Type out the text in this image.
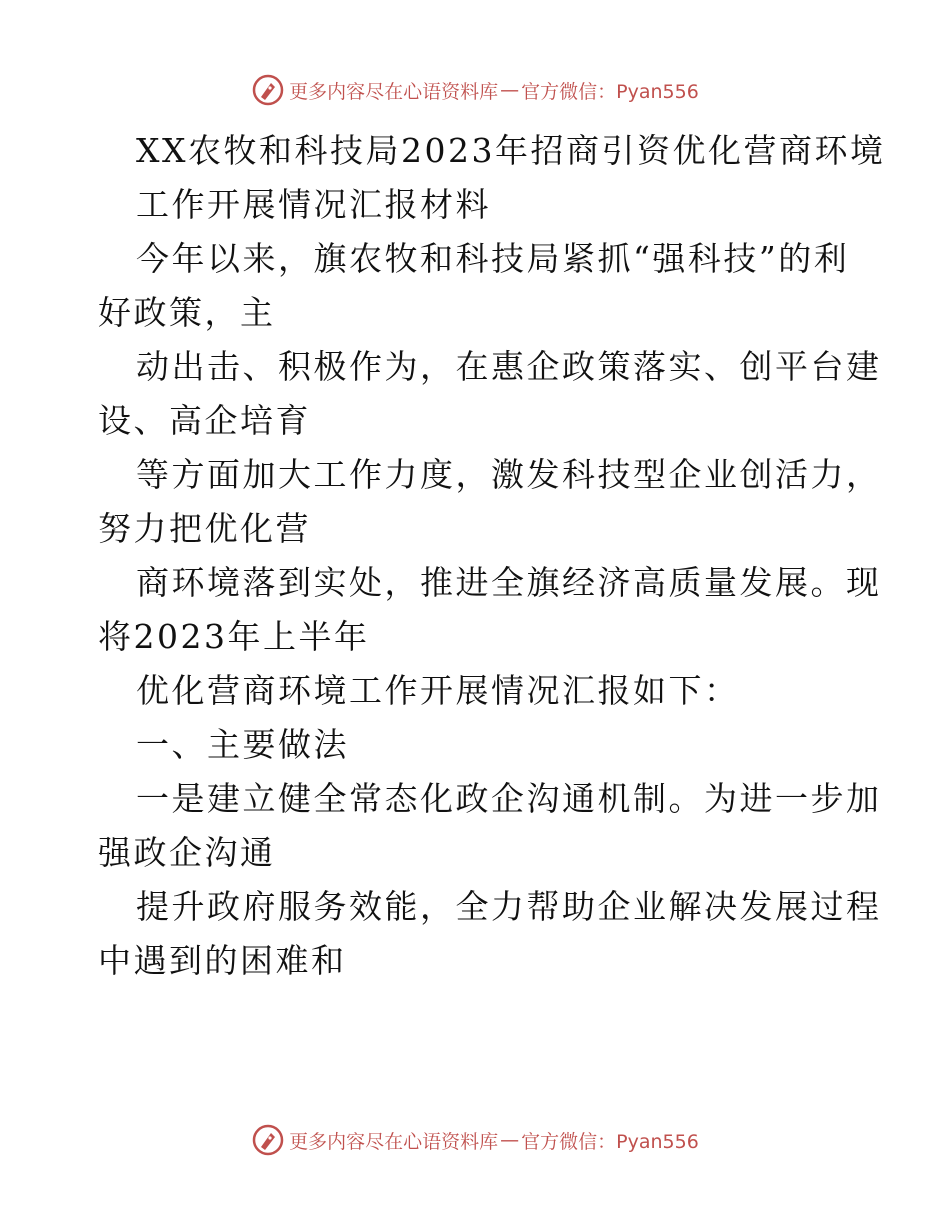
更多内容尽在心语资料库 — 官方微信：Pyan556
XX农牧和科技局2023年招商引资优化营商环境
工作开展情况汇报材料
今年以来，旗农牧和科技局紧抓“强科技”的利
好政策，主
动出击、积极作为，在惠企政策落实、创平台建
设、高企培育
等方面加大工作力度，激发科技型企业创活力，
努力把优化营
商环境落到实处，推进全旗经济高质量发展。现
将2023年上半年
优化营商环境工作开展情况汇报如下：
一、主要做法
一是建立健全常态化政企沟通机制。为进一步加
强政企沟通
提升政府服务效能，全力帮助企业解决发展过程
中遇到的困难和
更多内容尽在心语资料库 — 官方微信：Pyan556
